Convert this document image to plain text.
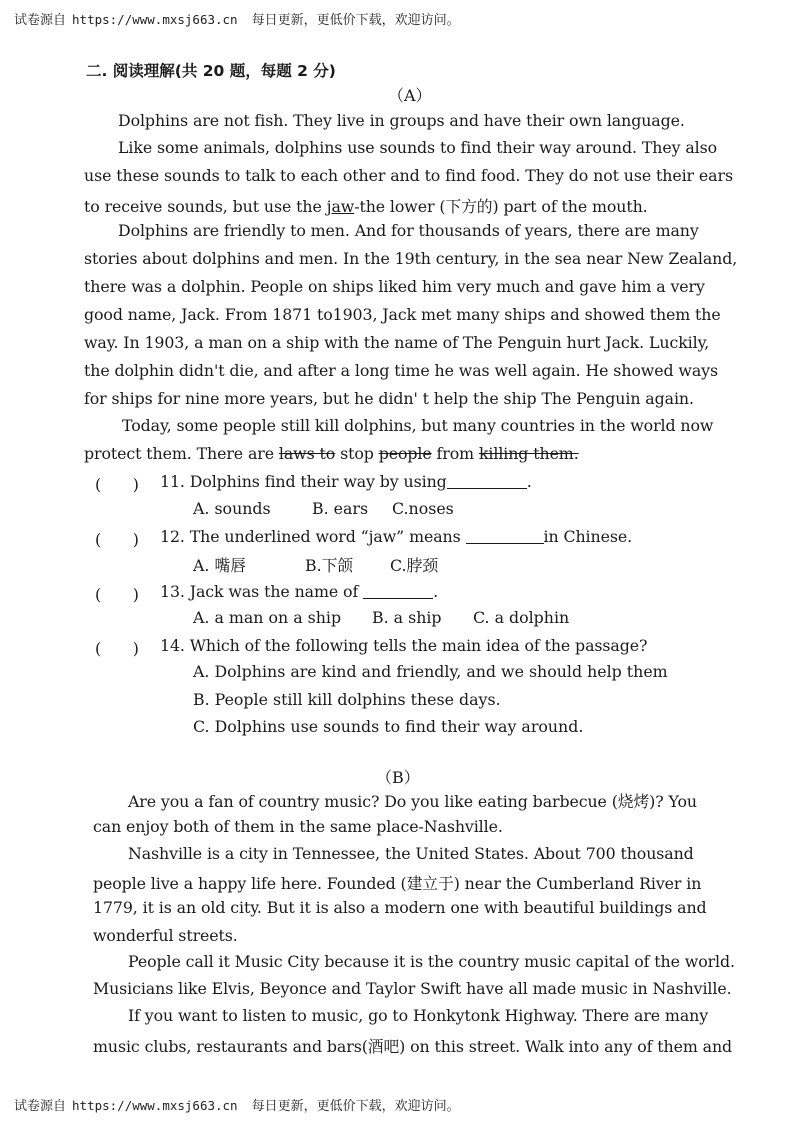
试卷源自 https://www.mxsj663.cn 每日更新，更低价下载，欢迎访问。
试卷源自 https://www.mxsj663.cn 每日更新，更低价下载，欢迎访问。
二. 阅读理解(共 20 题，每题 2 分)
（A）
Dolphins are not fish. They live in groups and have their own language.
Like some animals, dolphins use sounds to find their way around. They also
use these sounds to talk to each other and to find food. They do not use their ears
to receive sounds, but use the jaw-the lower (下方的) part of the mouth.
Dolphins are friendly to men. And for thousands of years, there are many
stories about dolphins and men. In the 19th century, in the sea near New Zealand,
there was a dolphin. People on ships liked him very much and gave him a very
good name, Jack. From 1871 to1903, Jack met many ships and showed them the
way. In 1903, a man on a ship with the name of The Penguin hurt Jack. Luckily,
the dolphin didn't die, and after a long time he was well again. He showed ways
for ships for nine more years, but he didn' t help the ship The Penguin again.
Today, some people still kill dolphins, but many countries in the world now
protect them. There are laws to stop people from killing them.
(　　) 11. Dolphins find their way by using	.
A. sounds	B. ears C.noses
(　　) 12. The underlined word “jaw” means	in Chinese.
A. 嘴唇	B.下颌 C.脖颈
(　　) 13. Jack was the name of	.
A. a man on a ship B. a ship C. a dolphin
(　　) 14. Which of the following tells the main idea of the passage?
A. Dolphins are kind and friendly, and we should help them
B. People still kill dolphins these days.
C. Dolphins use sounds to find their way around.
（B）
Are you a fan of country music? Do you like eating barbecue (烧烤)? You
can enjoy both of them in the same place-Nashville.
Nashville is a city in Tennessee, the United States. About 700 thousand
people live a happy life here. Founded (建立于) near the Cumberland River in
1779, it is an old city. But it is also a modern one with beautiful buildings and
wonderful streets.
People call it Music City because it is the country music capital of the world.
Musicians like Elvis, Beyonce and Taylor Swift have all made music in Nashville.
If you want to listen to music, go to Honkytonk Highway. There are many
music clubs, restaurants and bars(酒吧) on this street. Walk into any of them and
